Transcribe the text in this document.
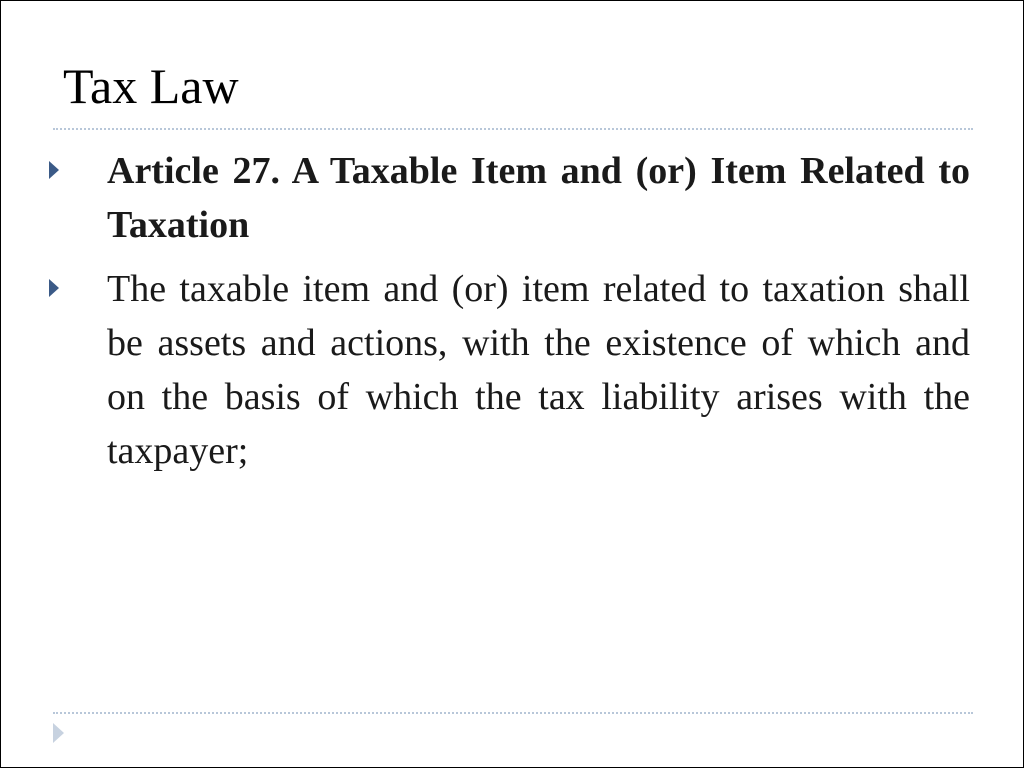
Tax Law
Article 27. A Taxable Item and (or) Item Related to Taxation
The taxable item and (or) item related to taxation shall be assets and actions, with the existence of which and on the basis of which the tax liability arises with the taxpayer;
